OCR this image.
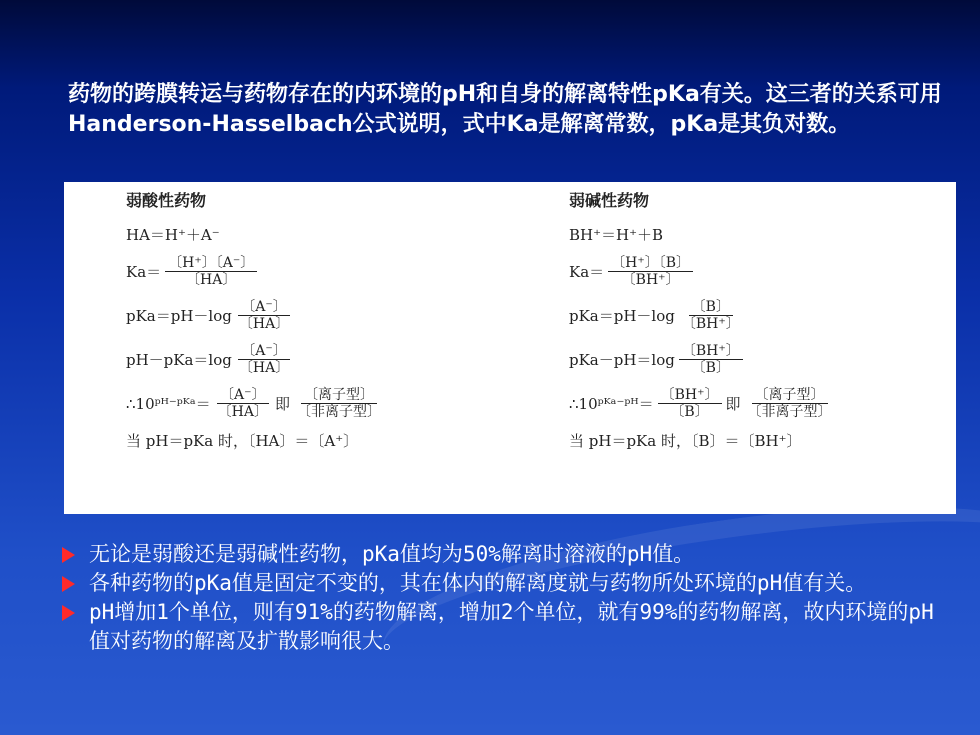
药物的跨膜转运与药物存在的内环境的pH和自身的解离特性pKa有关。这三者的关系可用Handerson-Hasselbach公式说明，式中Ka是解离常数，pKa是其负对数。
弱酸性药物
HA＝H⁺＋A⁻
$Ka= \frac{〔H^+〕〔A^-〕}{〔HA〕}$
$pKa=pH-\log \frac{〔A^-〕}{〔HA〕}$
$pH-pKa=\log \frac{〔A^-〕}{〔HA〕}$
∴10ᵖᴴ⁻ᵖᴷᵃ＝ $\frac{〔A^-〕}{〔HA〕}$ 即 $\frac{\text{〔离子型〕}}{\text{〔非离子型〕}}$
当 pH＝pKa 时，〔HA〕＝〔A⁺〕
弱碱性药物
BH⁺＝H⁺＋B
$Ka= \frac{〔H^+〕〔B〕}{〔BH^+〕}$
$pKa=pH-\log \frac{〔B〕}{〔BH^+〕}$
$pKa-pH=\log \frac{〔BH^+〕}{〔B〕}$
∴10ᵖᴷᵃ⁻ᵖᴴ＝ $\frac{〔BH^+〕}{〔B〕}$ 即 $\frac{\text{〔离子型〕}}{\text{〔非离子型〕}}$
当 pH＝pKa 时，〔B〕＝〔BH⁺〕
无论是弱酸还是弱碱性药物，pKa值均为50%解离时溶液的pH值。
各种药物的pKa值是固定不变的，其在体内的解离度就与药物所处环境的pH值有关。
pH增加1个单位，则有91%的药物解离，增加2个单位，就有99%的药物解离，故内环境的pH值对药物的解离及扩散影响很大。
